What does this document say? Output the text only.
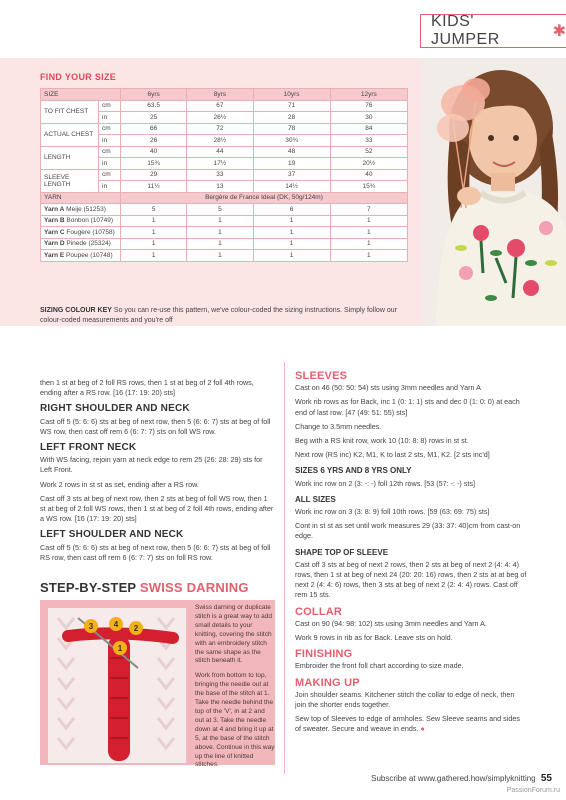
KIDS' JUMPER	✱
FIND YOUR SIZE
SIZE		6yrs	8yrs	10yrs	12yrs
TO FIT CHEST	cm	63.5	67	71	76
	in	25	26½	28	30
ACTUAL CHEST	cm	66	72	78	84
	in	26	28½	30¾	33
LENGTH	cm	40	44	48	52
	in	15¾	17½	19	20½
SLEEVE
LENGTH	cm	29	33	37	40
	in	11½	13	14½	15¾
YARN		Bergère de France Ideal (DK, 50g/124m)			
Yarn A Meije (51253)		5	5	6	7
Yarn B Bonbon (10749)		1	1	1	1
Yarn C Fougere (10758)		1	1	1	1
Yarn D Pinede (25324)		1	1	1	1
Yarn E Poupee (10748)		1	1	1	1
SIZING COLOUR KEY So you can re-use this pattern, we've colour-coded the sizing instructions. Simply follow our colour-coded measurements and you're off

then 1 st at beg of 2 foll RS rows, then 1 st at beg of 2 foll 4th rows, ending after a RS row. [16 (17: 19: 20) sts]

RIGHT SHOULDER AND NECK

Cast off 5 (5: 6: 6) sts at beg of next row, then 5 (6: 6: 7) sts at beg of foll WS row, then cast off rem 6 (6: 7: 7) sts on foll WS row.

LEFT FRONT NECK

With WS facing, rejoin yarn at neck edge to rem 25 (26: 28: 29) sts for Left Front.

Work 2 rows in st st as set, ending after a RS row.

Cast off 3 sts at beg of next row, then 2 sts at beg of foll WS row, then 1 st at beg of 2 foll WS rows, then 1 st at beg of 2 foll 4th rows, ending after a WS row. [16 (17: 19: 20) sts]

LEFT SHOULDER AND NECK

Cast off 5 (5: 6: 6) sts at beg of next row, then 5 (6: 6: 7) sts at beg of foll RS row, then cast off rem 6 (6: 7: 7) sts on foll RS row.

STEP-BY-STEP SWISS DARNING
3	4 2
1

Swiss darning or duplicate stitch is a great way to add small details to your knitting, covering the stitch with an embroidery stitch the same shape as the stitch beneath it.

Work from bottom to top, bringing the needle out at the base of the stitch at 1. Take the needle behind the top of the 'V', in at 2 and out at 3. Take the needle down at 4 and bring it up at 5, at the base of the stitch above. Continue in this way up the line of knitted stitches.

SLEEVES

Cast on 46 (50: 50: 54) sts using 3mm needles and Yarn A

Work rib rows as for Back, inc 1 (0: 1: 1) sts and dec 0 (1: 0: 0) at each end of last row. [47 (49: 51: 55) sts]

Change to 3.5mm needles.

Beg with a RS knit row, work 10 (10: 8: 8) rows in st st.

Next row (RS inc) K2, M1, K to last 2 sts, M1, K2. [2 sts inc'd]

SIZES 6 YRS AND 8 YRS ONLY

Work inc row on 2 (3: -: -) foll 12th rows. [53 (57: -: -) sts]

ALL SIZES

Work inc row on 3 (3: 8: 9) foll 10th rows. [59 (63: 69: 75) sts]

Cont in st st as set until work measures 29 (33: 37: 40)cm from cast-on edge.

SHAPE TOP OF SLEEVE

Cast off 3 sts at beg of next 2 rows, then 2 sts at beg of next 2 (4: 4: 4) rows, then 1 st at beg of next 24 (20: 20: 16) rows, then 2 sts at at beg of next 2 (4: 4: 6) rows, then 3 sts at beg of next 2 (2: 4: 4) rows. Cast off rem 15 sts.

COLLAR

Cast on 90 (94: 98: 102) sts using 3mm needles and Yarn A.

Work 9 rows in rib as for Back. Leave sts on hold.

FINISHING

Embroider the front foll chart according to size made.

MAKING UP

Join shoulder seams. Kitchener stitch the collar to edge of neck, then join the shorter ends together.

Sew top of Sleeves to edge of armholes. Sew Sleeve seams and sides of sweater. Secure and weave in ends. ●

Subscribe at www.gathered.how/simplyknitting 55
PassionForum.ru
